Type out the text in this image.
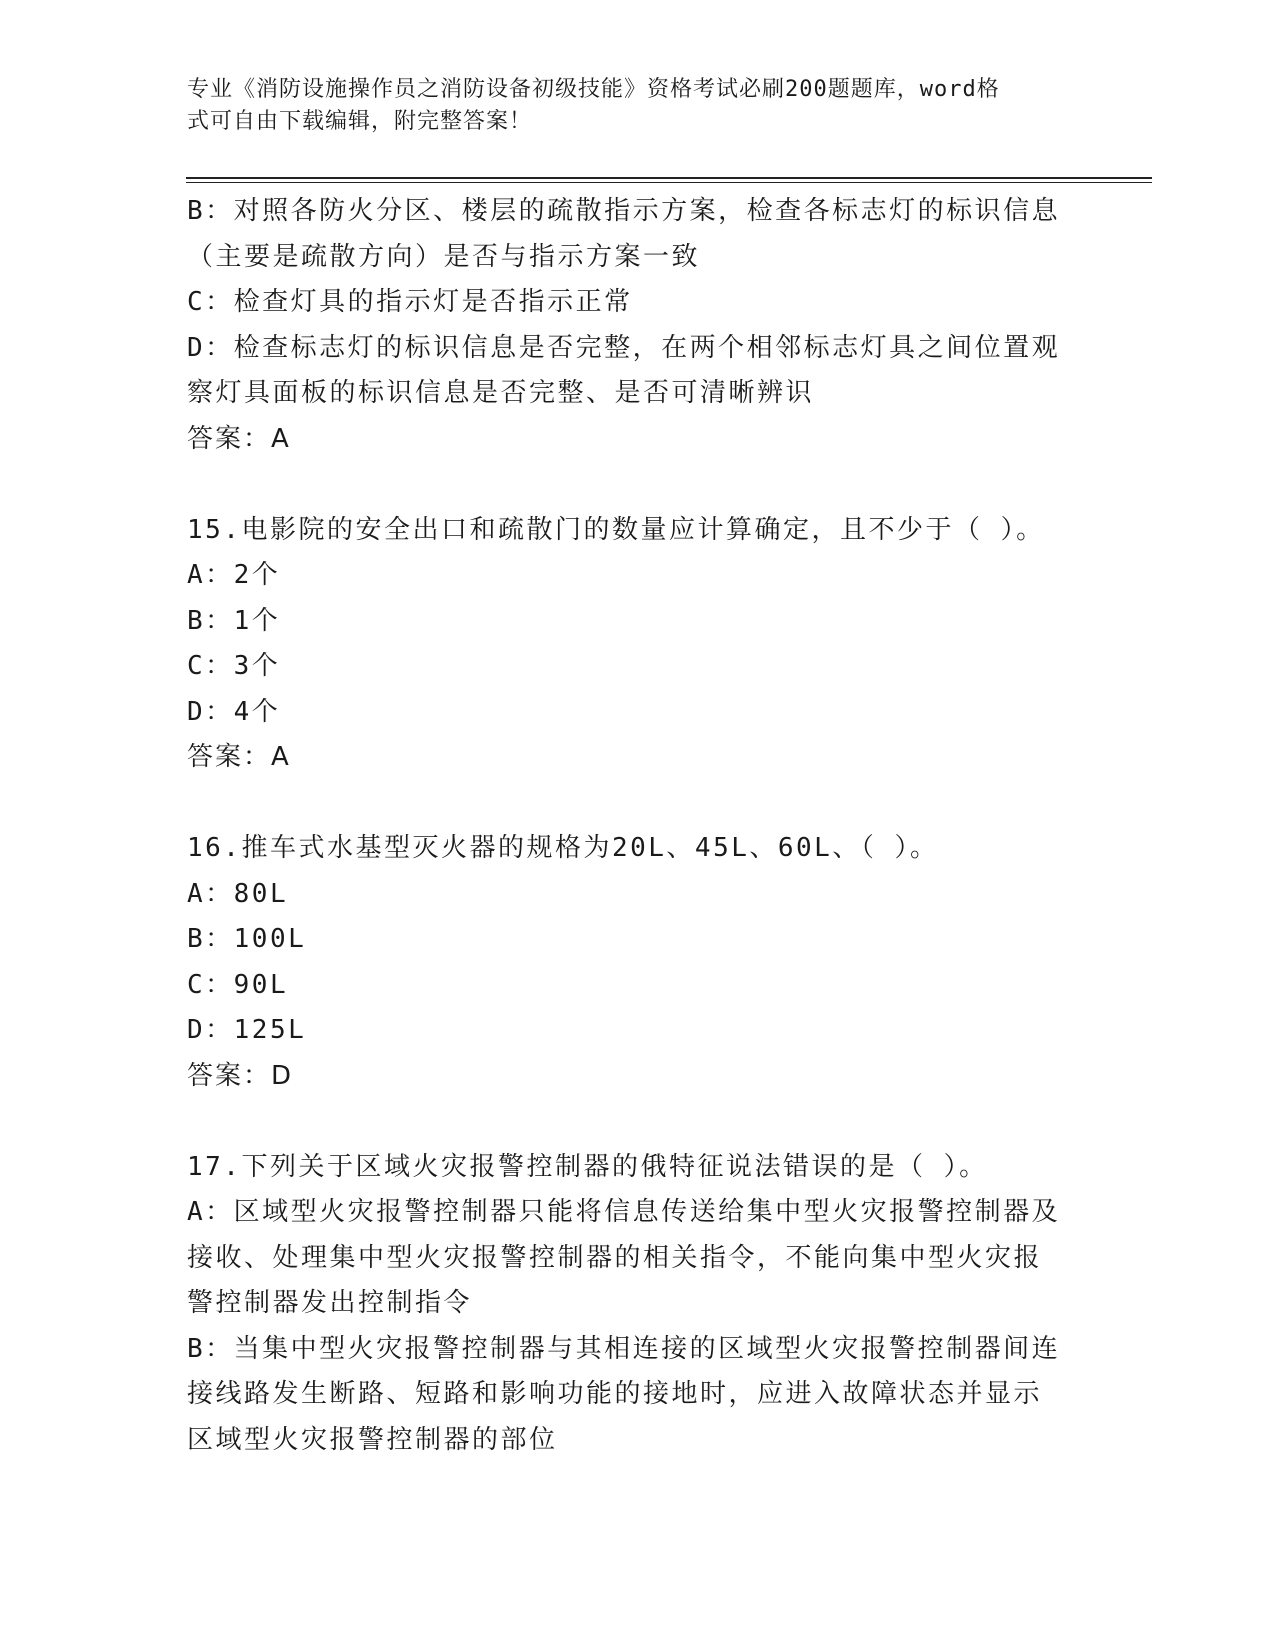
专业《消防设施操作员之消防设备初级技能》资格考试必刷200题题库，word格
式可自由下载编辑，附完整答案！
B：对照各防火分区、楼层的疏散指示方案，检查各标志灯的标识信息
（主要是疏散方向）是否与指示方案一致
C：检查灯具的指示灯是否指示正常
D：检查标志灯的标识信息是否完整，在两个相邻标志灯具之间位置观
察灯具面板的标识信息是否完整、是否可清晰辨识
答案：A
15.电影院的安全出口和疏散门的数量应计算确定，且不少于（ ）。
A：2个
B：1个
C：3个
D：4个
答案：A
16.推车式水基型灭火器的规格为20L、45L、60L、（ ）。
A：80L
B：100L
C：90L
D：125L
答案：D
17.下列关于区域火灾报警控制器的俄特征说法错误的是（ ）。
A：区域型火灾报警控制器只能将信息传送给集中型火灾报警控制器及
接收、处理集中型火灾报警控制器的相关指令，不能向集中型火灾报
警控制器发出控制指令
B：当集中型火灾报警控制器与其相连接的区域型火灾报警控制器间连
接线路发生断路、短路和影响功能的接地时，应进入故障状态并显示
区域型火灾报警控制器的部位
